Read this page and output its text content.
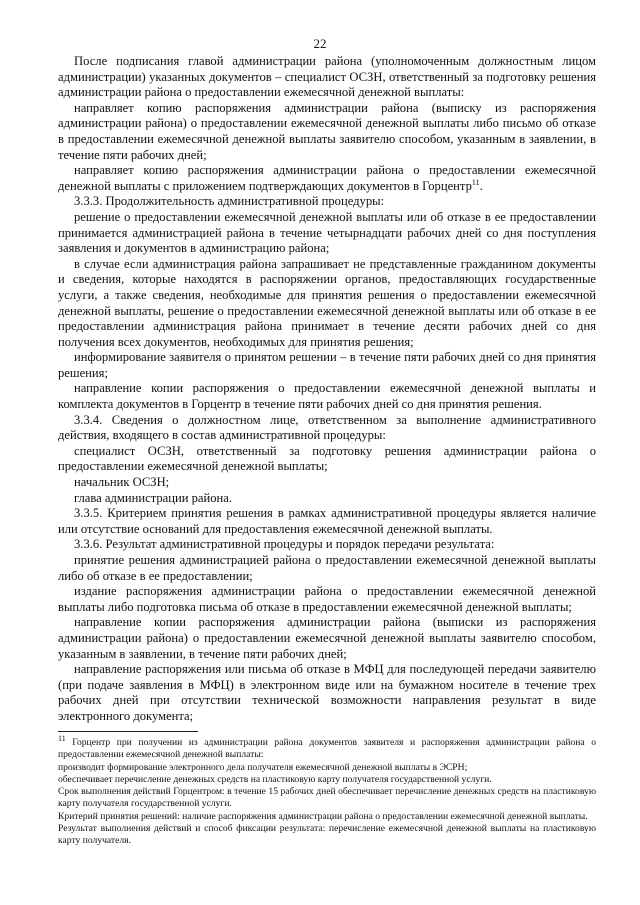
22

После подписания главой администрации района (уполномоченным должностным лицом администрации) указанных документов – специалист ОСЗН, ответственный за подготовку решения администрации района о предоставлении ежемесячной денежной выплаты:

направляет копию распоряжения администрации района (выписку из распоряжения администрации района) о предоставлении ежемесячной денежной выплаты либо письмо об отказе в предоставлении ежемесячной денежной выплаты заявителю способом, указанным в заявлении, в течение пяти рабочих дней;

направляет копию распоряжения администрации района о предоставлении ежемесячной денежной выплаты с приложением подтверждающих документов в Горцентр$^{11}$.

3.3.3. Продолжительность административной процедуры:

решение о предоставлении ежемесячной денежной выплаты или об отказе в ее предоставлении принимается администрацией района в течение четырнадцати рабочих дней со дня поступления заявления и документов в администрацию района;

в случае если администрация района запрашивает не представленные гражданином документы и сведения, которые находятся в распоряжении органов, предоставляющих государственные услуги, а также сведения, необходимые для принятия решения о предоставлении ежемесячной денежной выплаты, решение о предоставлении ежемесячной денежной выплаты или об отказе в ее предоставлении администрация района принимает в течение десяти рабочих дней со дня получения всех документов, необходимых для принятия решения;

информирование заявителя о принятом решении – в течение пяти рабочих дней со дня принятия решения;

направление копии распоряжения о предоставлении ежемесячной денежной выплаты и комплекта документов в Горцентр в течение пяти рабочих дней со дня принятия решения.

3.3.4. Сведения о должностном лице, ответственном за выполнение административного действия, входящего в состав административной процедуры:

специалист ОСЗН, ответственный за подготовку решения администрации района о предоставлении ежемесячной денежной выплаты;

начальник ОСЗН;

глава администрации района.

3.3.5. Критерием принятия решения в рамках административной процедуры является наличие или отсутствие оснований для предоставления ежемесячной денежной выплаты.

3.3.6. Результат административной процедуры и порядок передачи результата:

принятие решения администрацией района о предоставлении ежемесячной денежной выплаты либо об отказе в ее предоставлении;

издание распоряжения администрации района о предоставлении ежемесячной денежной выплаты либо подготовка письма об отказе в предоставлении ежемесячной денежной выплаты;

направление копии распоряжения администрации района (выписки из распоряжения администрации района) о предоставлении ежемесячной денежной выплаты заявителю способом, указанным в заявлении, в течение пяти рабочих дней;

направление распоряжения или письма об отказе в МФЦ для последующей передачи заявителю (при подаче заявления в МФЦ) в электронном виде или на бумажном носителе в течение трех рабочих дней при отсутствии технической возможности направления результат в виде электронного документа;

$^{11}$ Горцентр при получении из администрации района документов заявителя и распоряжения администрации района о предоставлении ежемесячной денежной выплаты:

производит формирование электронного дела получателя ежемесячной денежной выплаты в ЭСРН;

обеспечивает перечисление денежных средств на пластиковую карту получателя государственной услуги.

Срок выполнения действий Горцентром: в течение 15 рабочих дней обеспечивает перечисление денежных средств на пластиковую карту получателя государственной услуги.

Критерий принятия решений: наличие распоряжения администрации района о предоставлении ежемесячной денежной выплаты.

Результат выполнения действий и способ фиксации результата: перечисление ежемесячной денежной выплаты на пластиковую карту получателя.
